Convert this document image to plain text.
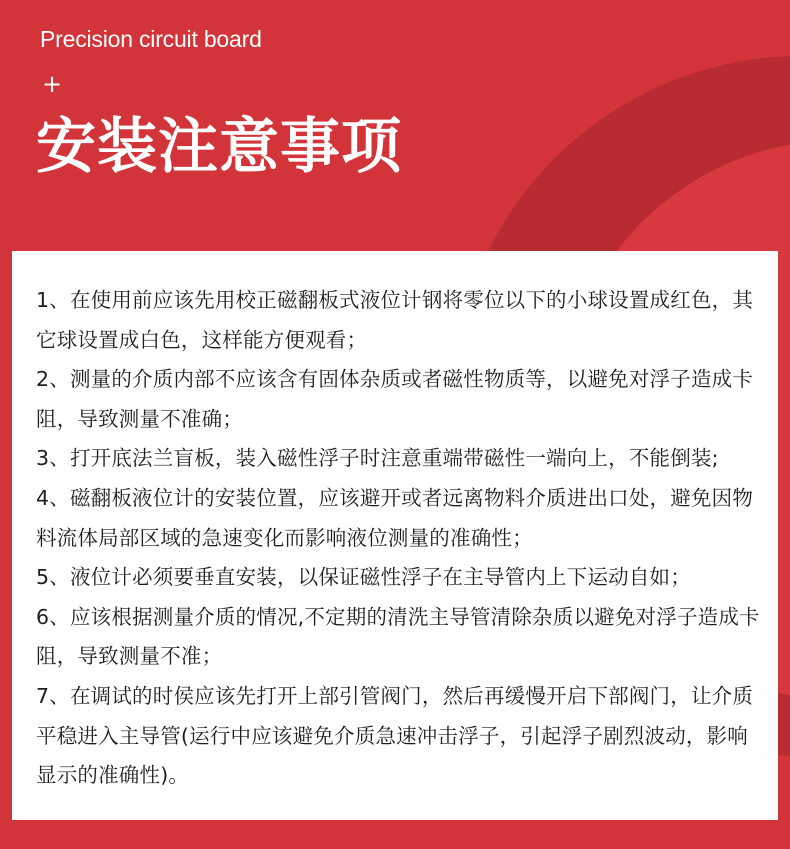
Precision circuit board
+
安装注意事项

1、在使用前应该先用校正磁翻板式液位计钢将零位以下的小球设置成红色，其它球设置成白色，这样能方便观看；

2、测量的介质内部不应该含有固体杂质或者磁性物质等，以避免对浮子造成卡阻，导致测量不准确；

3、打开底法兰盲板，装入磁性浮子时注意重端带磁性一端向上，不能倒装;

4、磁翻板液位计的安装位置，应该避开或者远离物料介质进出口处，避免因物料流体局部区域的急速变化而影响液位测量的准确性；

5、液位计必须要垂直安装，以保证磁性浮子在主导管内上下运动自如；

6、应该根据测量介质的情况,不定期的清洗主导管清除杂质以避免对浮子造成卡阻，导致测量不准；

7、在调试的时侯应该先打开上部引管阀门，然后再缓慢开启下部阀门，让介质平稳进入主导管(运行中应该避免介质急速冲击浮子，引起浮子剧烈波动，影响显示的准确性)。
